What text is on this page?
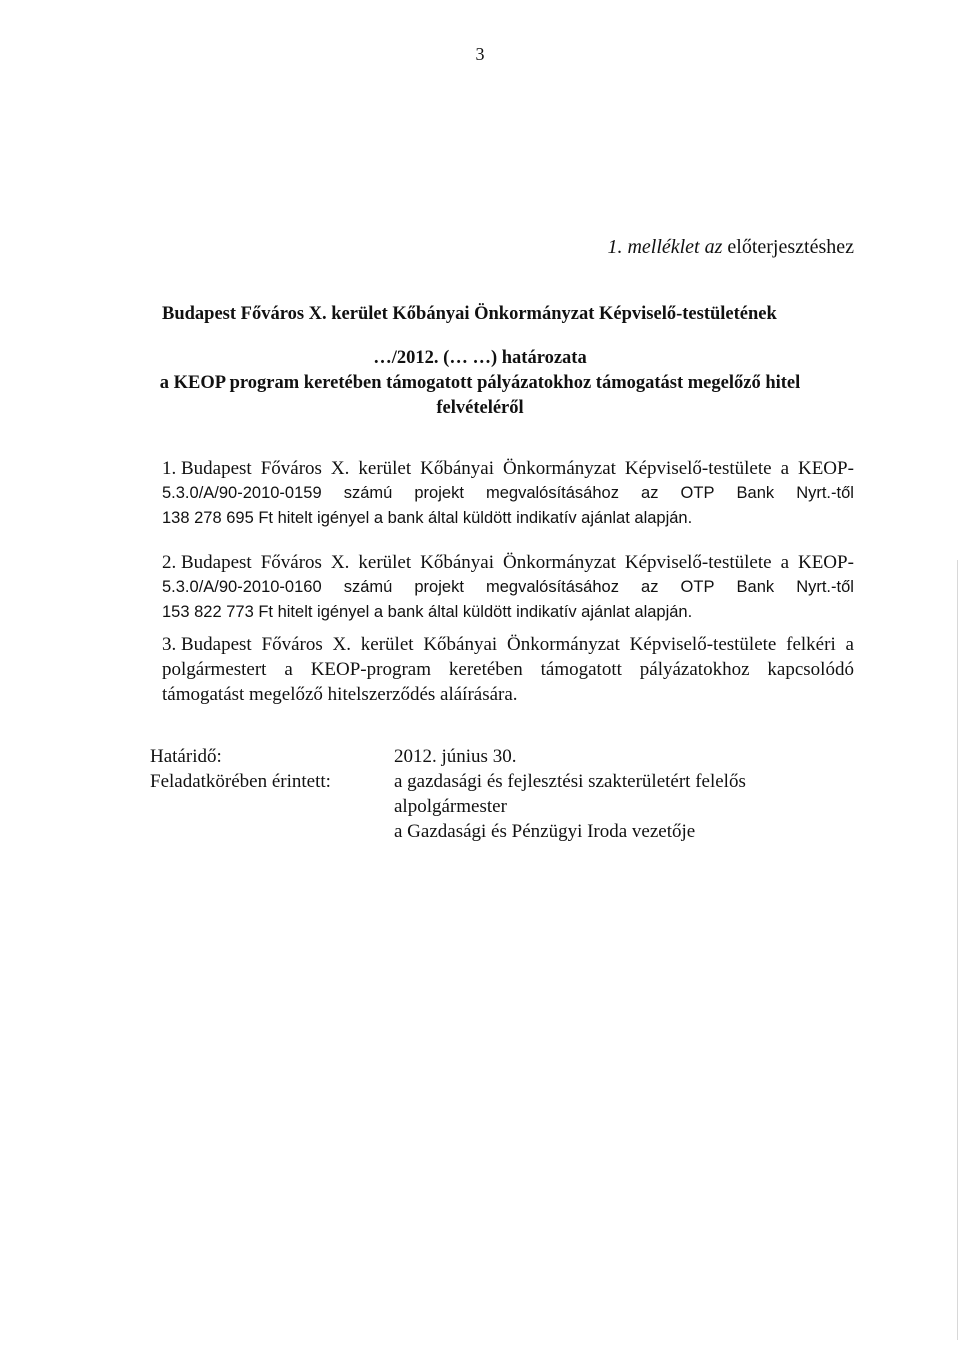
3
1. melléklet az előterjesztéshez
Budapest Főváros X. kerület Kőbányai Önkormányzat Képviselő-testületének
…/2012. (… …) határozata
a KEOP program keretében támogatott pályázatokhoz támogatást megelőző hitel
felvételéről
1. Budapest Főváros X. kerület Kőbányai Önkormányzat Képviselő-testülete a KEOP-
5.3.0/A/90-2010-0159 számú projekt megvalósításához az OTP Bank Nyrt.-től
138 278 695 Ft hitelt igényel a bank által küldött indikatív ajánlat alapján.
2. Budapest Főváros X. kerület Kőbányai Önkormányzat Képviselő-testülete a KEOP-
5.3.0/A/90-2010-0160 számú projekt megvalósításához az OTP Bank Nyrt.-től
153 822 773 Ft hitelt igényel a bank által küldött indikatív ajánlat alapján.
3. Budapest Főváros X. kerület Kőbányai Önkormányzat Képviselő-testülete felkéri a
polgármestert a KEOP-program keretében támogatott pályázatokhoz kapcsolódó
támogatást megelőző hitelszerződés aláírására.
Határidő:	2012. június 30.
Feladatkörében érintett:	a gazdasági és fejlesztési szakterületért felelős
alpolgármester
a Gazdasági és Pénzügyi Iroda vezetője
